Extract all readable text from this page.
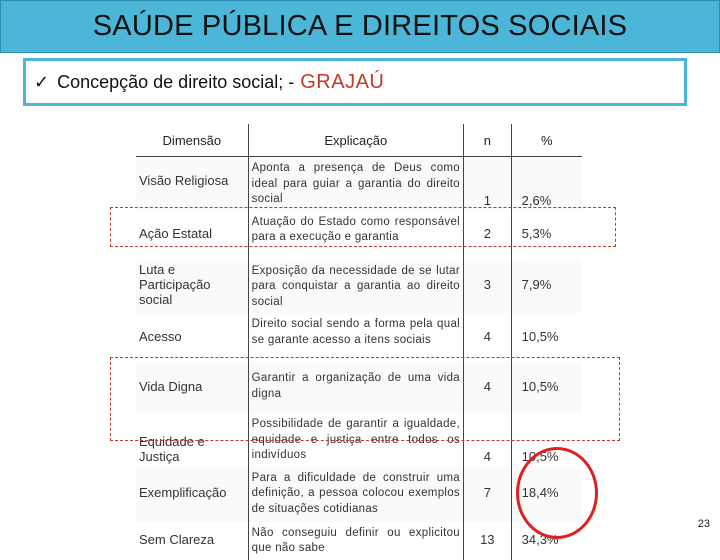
SAÚDE PÚBLICA E DIREITOS SOCIAIS
✓ Concepção de direito social; - GRAJAÚ
Dimensão	Explicação	n	%
Visão Religiosa	Aponta a presença de Deus como ideal para guiar a garantia do direito social	1	2,6%
Ação Estatal	Atuação do Estado como responsável para a execução e garantia	2	5,3%
Luta e Participação social	Exposição da necessidade de se lutar para conquistar a garantia ao direito social	3	7,9%
Acesso	Direito social sendo a forma pela qual se garante acesso a itens sociais	4	10,5%
Vida Digna	Garantir a organização de uma vida digna	4	10,5%
Equidade e Justiça	Possibilidade de garantir a igualdade, equidade e justiça entre todos os indivíduos	4	10,5%
Exemplificação	Para a dificuldade de construir uma definição, a pessoa colocou exemplos de situações cotidianas	7	18,4%
Sem Clareza	Não conseguiu definir ou explicitou que não sabe	13	34,3%
23
